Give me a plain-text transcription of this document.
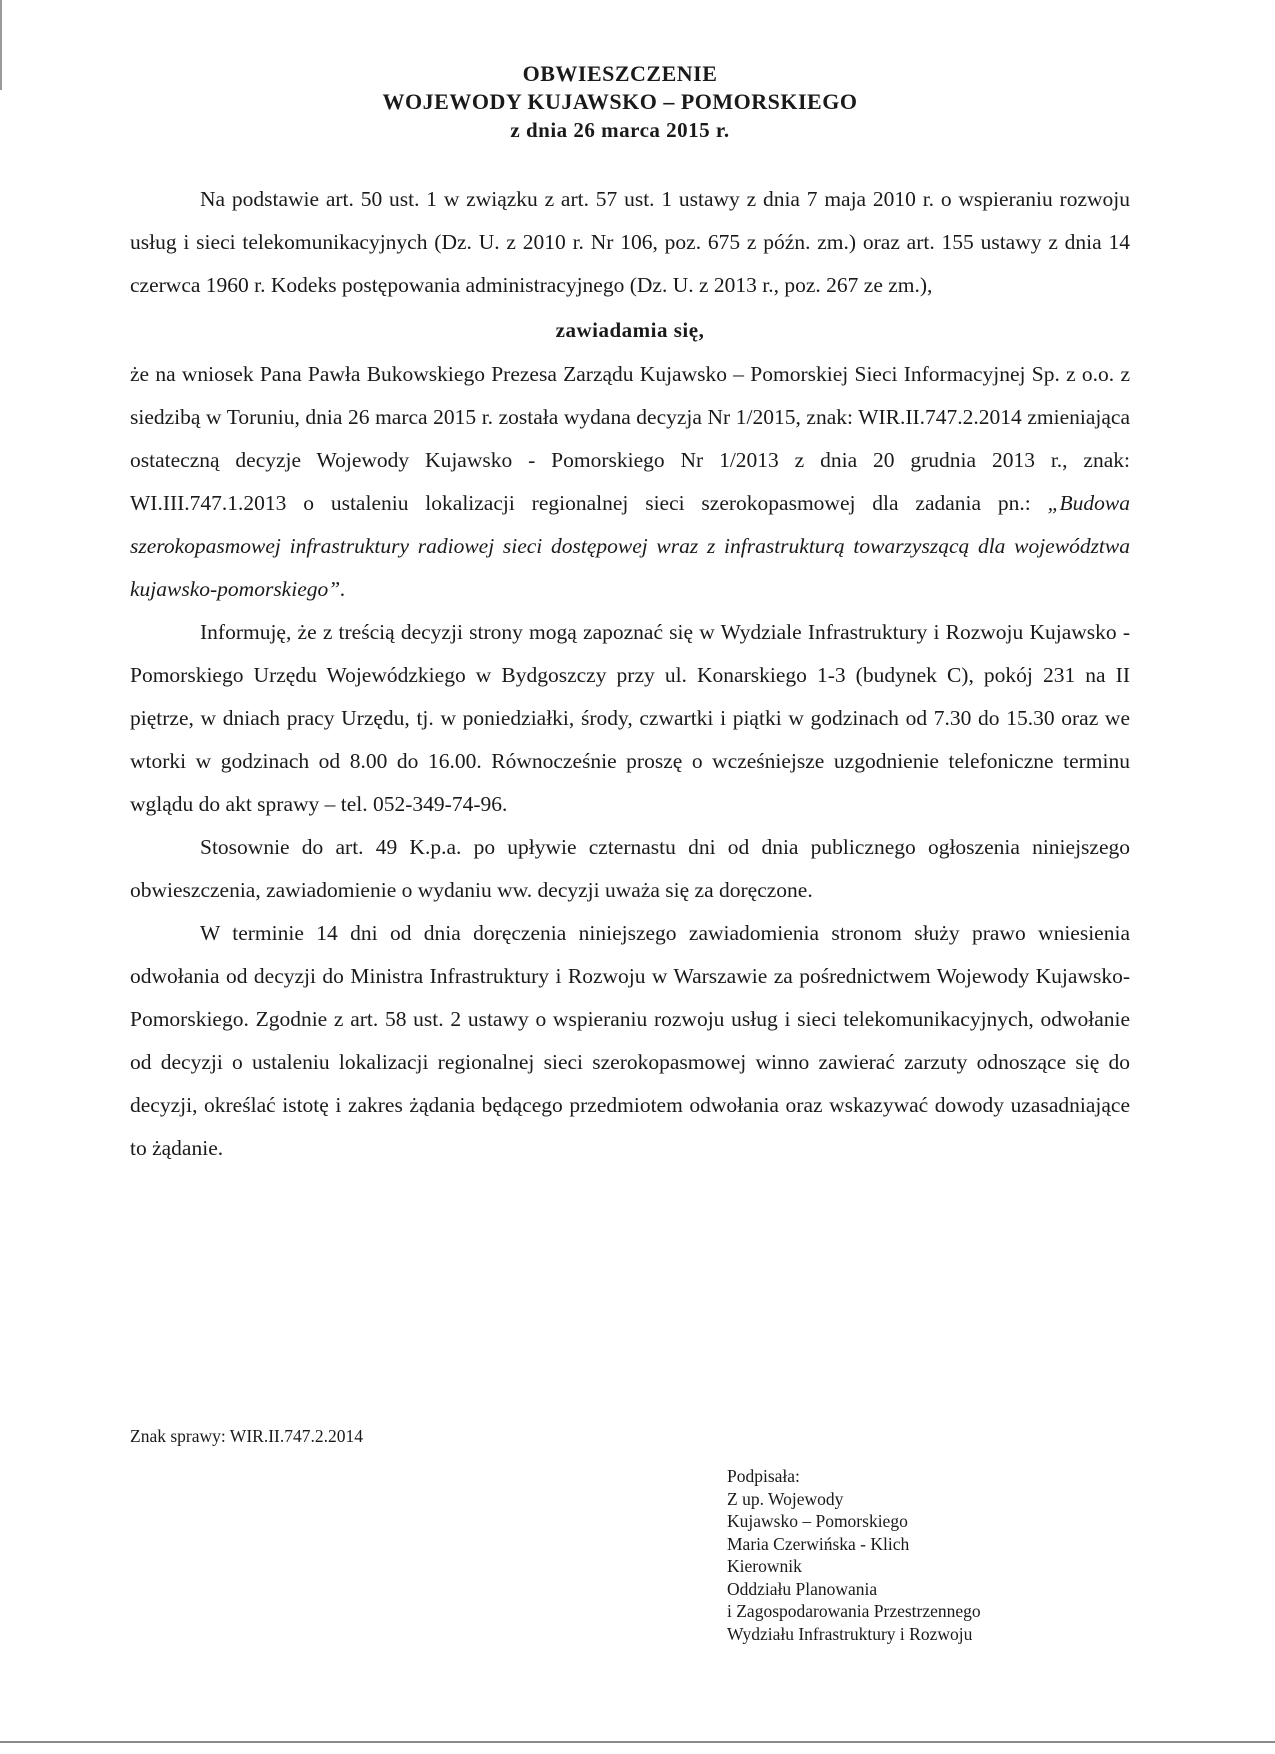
OBWIESZCZENIE
WOJEWODY KUJAWSKO – POMORSKIEGO
z dnia 26 marca 2015 r.

Na podstawie art. 50 ust. 1 w związku z art. 57 ust. 1 ustawy z dnia 7 maja 2010 r. o wspieraniu rozwoju usług i sieci telekomunikacyjnych (Dz. U. z 2010 r. Nr 106, poz. 675 z późn. zm.) oraz art. 155 ustawy z dnia 14 czerwca 1960 r. Kodeks postępowania administracyjnego (Dz. U. z 2013 r., poz. 267 ze zm.),

zawiadamia się,

że na wniosek Pana Pawła Bukowskiego Prezesa Zarządu Kujawsko – Pomorskiej Sieci Informacyjnej Sp. z o.o. z siedzibą w Toruniu, dnia 26 marca 2015 r. została wydana decyzja Nr 1/2015, znak: WIR.II.747.2.2014 zmieniająca ostateczną decyzje Wojewody Kujawsko - Pomorskiego Nr 1/2013 z dnia 20 grudnia 2013 r., znak: WI.III.747.1.2013 o ustaleniu lokalizacji regionalnej sieci szerokopasmowej dla zadania pn.: „Budowa szerokopasmowej infrastruktury radiowej sieci dostępowej wraz z infrastrukturą towarzyszącą dla województwa kujawsko-pomorskiego”.

Informuję, że z treścią decyzji strony mogą zapoznać się w Wydziale Infrastruktury i Rozwoju Kujawsko - Pomorskiego Urzędu Wojewódzkiego w Bydgoszczy przy ul. Konarskiego 1-3 (budynek C), pokój 231 na II piętrze, w dniach pracy Urzędu, tj. w poniedziałki, środy, czwartki i piątki w godzinach od 7.30 do 15.30 oraz we wtorki w godzinach od 8.00 do 16.00. Równocześnie proszę o wcześniejsze uzgodnienie telefoniczne terminu wglądu do akt sprawy – tel. 052-349-74-96.

Stosownie do art. 49 K.p.a. po upływie czternastu dni od dnia publicznego ogłoszenia niniejszego obwieszczenia, zawiadomienie o wydaniu ww. decyzji uważa się za doręczone.

W terminie 14 dni od dnia doręczenia niniejszego zawiadomienia stronom służy prawo wniesienia odwołania od decyzji do Ministra Infrastruktury i Rozwoju w Warszawie za pośrednictwem Wojewody Kujawsko-Pomorskiego. Zgodnie z art. 58 ust. 2 ustawy o wspieraniu rozwoju usług i sieci telekomunikacyjnych, odwołanie od decyzji o ustaleniu lokalizacji regionalnej sieci szerokopasmowej winno zawierać zarzuty odnoszące się do decyzji, określać istotę i zakres żądania będącego przedmiotem odwołania oraz wskazywać dowody uzasadniające to żądanie.

Znak sprawy: WIR.II.747.2.2014
Podpisała:
Z up. Wojewody
Kujawsko – Pomorskiego
Maria Czerwińska - Klich
Kierownik
Oddziału Planowania
i Zagospodarowania Przestrzennego
Wydziału Infrastruktury i Rozwoju
